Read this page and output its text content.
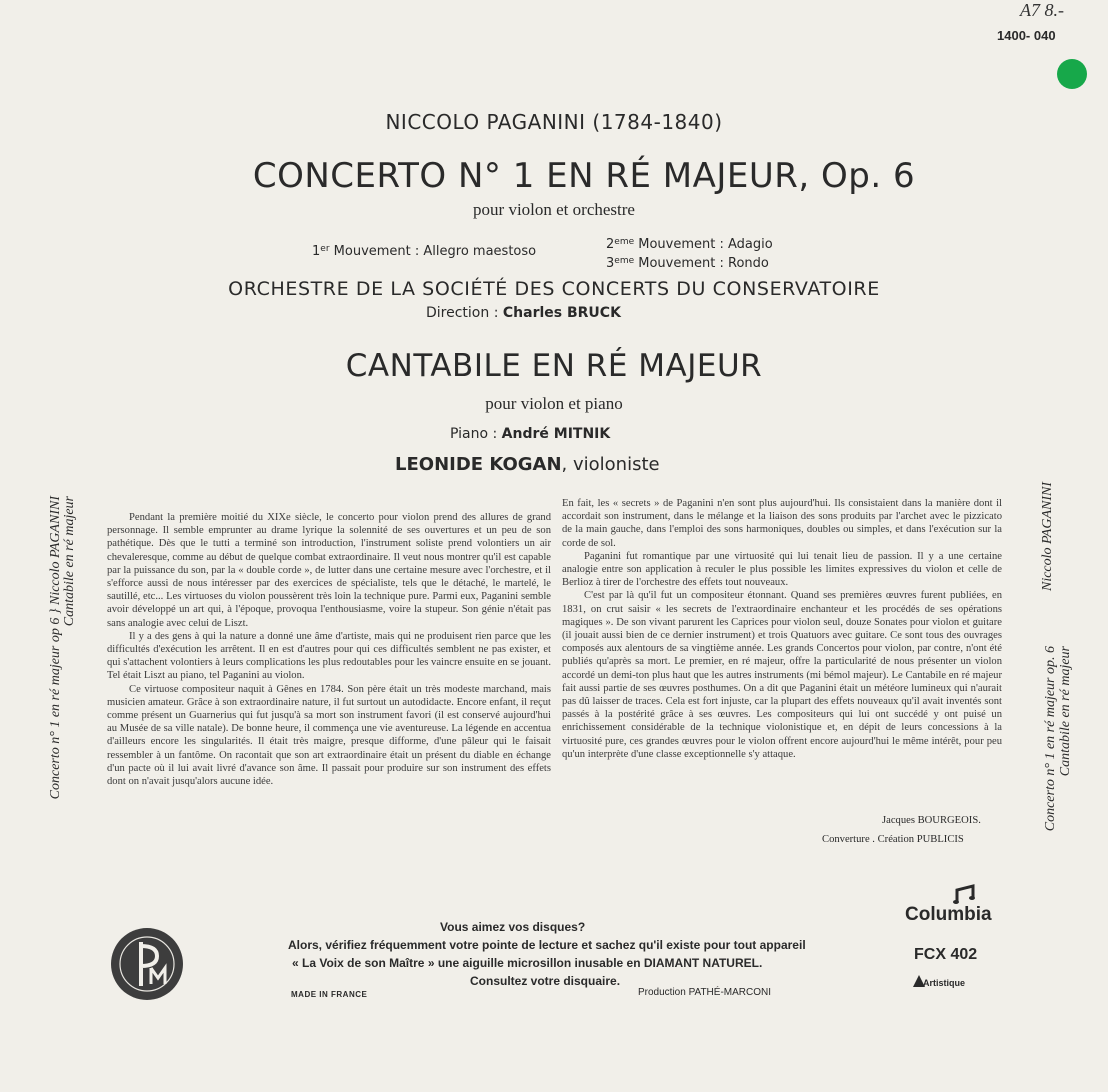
A7 8.-
1400- 040
NICCOLO PAGANINI (1784-1840)
CONCERTO N° 1 EN RÉ MAJEUR, Op. 6
pour violon et orchestre
1er Mouvement : Allegro maestoso	2eme Mouvement : Adagio
3eme Mouvement : Rondo
ORCHESTRE DE LA SOCIÉTÉ DES CONCERTS DU CONSERVATOIRE
Direction : Charles BRUCK
CANTABILE EN RÉ MAJEUR
pour violon et piano
Piano : André MITNIK
LEONIDE KOGAN, violoniste
Concerto n° 1 en ré majeur op 6 } Niccolo PAGANINI Cantabile en ré majeur	Niccolo PAGANINI
Concerto n° 1 en ré majeur op. 6 Cantabile en ré majeur

Pendant la première moitié du XIXe siècle, le concerto pour violon prend des allures de grand personnage. Il semble emprunter au drame lyrique la solennité de ses ouvertures et un peu de son pathétique. Dès que le tutti a terminé son introduction, l'instrument soliste prend volontiers un air chevaleresque, comme au début de quelque combat extraordinaire. Il veut nous montrer qu'il est capable par la puissance du son, par la « double corde », de lutter dans une certaine mesure avec l'orchestre, et il s'efforce aussi de nous intéresser par des exercices de spécialiste, tels que le détaché, le martelé, le sautillé, etc... Les virtuoses du violon poussèrent très loin la technique pure. Parmi eux, Paganini semble avoir développé un art qui, à l'époque, provoqua l'enthousiasme, voire la stupeur. Son génie n'était pas sans analogie avec celui de Liszt.

Il y a des gens à qui la nature a donné une âme d'artiste, mais qui ne produisent rien parce que les difficultés d'exécution les arrêtent. Il en est d'autres pour qui ces difficultés semblent ne pas exister, et qui s'attachent volontiers à leurs complications les plus redoutables pour les vaincre ensuite en se jouant. Tel était Liszt au piano, tel Paganini au violon.

Ce virtuose compositeur naquit à Gênes en 1784. Son père était un très modeste marchand, mais musicien amateur. Grâce à son extraordinaire nature, il fut surtout un autodidacte. Encore enfant, il reçut comme présent un Guarnerius qui fut jusqu'à sa mort son instrument favori (il est conservé aujourd'hui au Musée de sa ville natale). De bonne heure, il commença une vie aventureuse. La légende en accentua d'ailleurs encore les singularités. Il était très maigre, presque difforme, d'une pâleur qui le faisait ressembler à un fantôme. On racontait que son art extraordinaire était un présent du diable en échange d'un pacte où il lui avait livré d'avance son âme. Il passait pour produire sur son instrument des effets dont on n'avait jusqu'alors aucune idée.

En fait, les « secrets » de Paganini n'en sont plus aujourd'hui. Ils consistaient dans la manière dont il accordait son instrument, dans le mélange et la liaison des sons produits par l'archet avec le pizzicato de la main gauche, dans l'emploi des sons harmoniques, doubles ou simples, et dans l'exécution sur la corde de sol.

Paganini fut romantique par une virtuosité qui lui tenait lieu de passion. Il y a une certaine analogie entre son application à reculer le plus possible les limites expressives du violon et celle de Berlioz à tirer de l'orchestre des effets tout nouveaux.

C'est par là qu'il fut un compositeur étonnant. Quand ses premières œuvres furent publiées, en 1831, on crut saisir « les secrets de l'extraordinaire enchanteur et les procédés de ses opérations magiques ». De son vivant parurent les Caprices pour violon seul, douze Sonates pour violon et guitare (il jouait aussi bien de ce dernier instrument) et trois Quatuors avec guitare. Ce sont tous des ouvrages composés aux alentours de sa vingtième année. Les grands Concertos pour violon, par contre, n'ont été publiés qu'après sa mort. Le premier, en ré majeur, offre la particularité de nous présenter un violon accordé un demi-ton plus haut que les autres instruments (mi bémol majeur). Le Cantabile en ré majeur fait aussi partie de ses œuvres posthumes. On a dit que Paganini était un météore lumineux qui n'aurait pas dû laisser de traces. Cela est fort injuste, car la plupart des effets nouveaux qu'il avait inventés sont passés à la postérité grâce à ses œuvres. Les compositeurs qui lui ont succédé y ont puisé un enrichissement considérable de la technique violonistique et, en dépit de leurs concessions à la virtuosité pure, ces grandes œuvres pour le violon offrent encore aujourd'hui le même intérêt, pour peu qu'un interprète d'une classe exceptionnelle s'y attaque.

Jacques BOURGEOIS.
Converture . Création PUBLICIS
Vous aimez vos disques?
Alors, vérifiez fréquemment votre pointe de lecture et sachez qu'il existe pour tout appareil
« La Voix de son Maître » une aiguille microsillon inusable en DIAMANT NATUREL.
Consultez votre disquaire.
MADE IN FRANCE	Production PATHÉ-MARCONI
Columbia
FCX 402
Artistique
